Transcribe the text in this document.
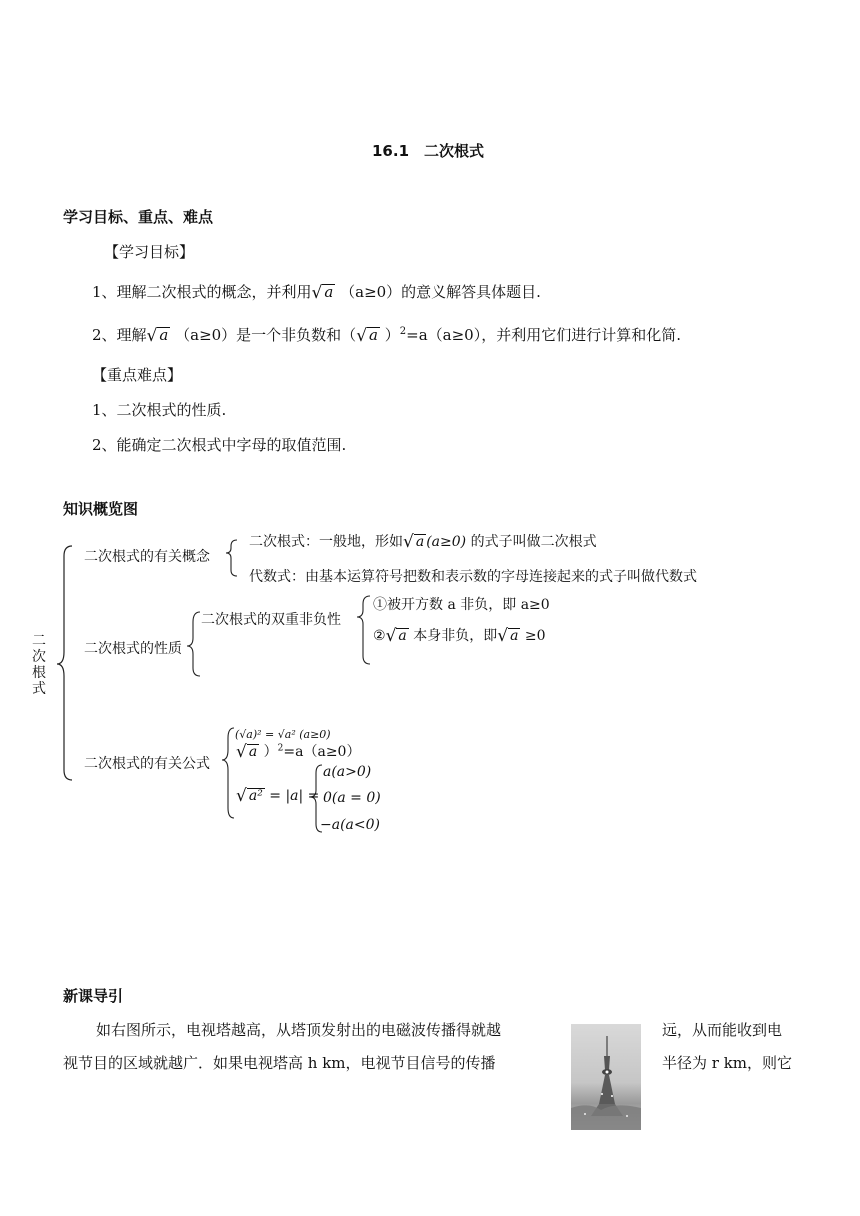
16.1　二次根式
学习目标、重点、难点
【学习目标】
1、理解二次根式的概念，并利用√ a （a≥0）的意义解答具体题目.
2、理解√ a （a≥0）是一个非负数和（√ a ）$^2$=a（a≥0），并利用它们进行计算和化简.
【重点难点】
1、二次根式的性质.
2、能确定二次根式中字母的取值范围.
知识概览图
二次根式
二次根式的有关概念
二次根式：一般地，形如√ a (a≥0) 的式子叫做二次根式
代数式：由基本运算符号把数和表示数的字母连接起来的式子叫做代数式
二次根式的性质
二次根式的双重非负性
①被开方数 a 非负，即 a≥0
②√ a 本身非负，即√ a ≥0
二次根式的有关公式
(√a)² = √a² (a≥0)
√ a ）$^2$=a（a≥0）
√ a² = |a| =
a(a>0)
0(a = 0)
−a(a<0)
新课导引
如右图所示，电视塔越高，从塔顶发射出的电磁波传播得就越	远，从而能收到电
视节目的区域就越广．如果电视塔高 h km，电视节目信号的传播	半径为 r km，则它
